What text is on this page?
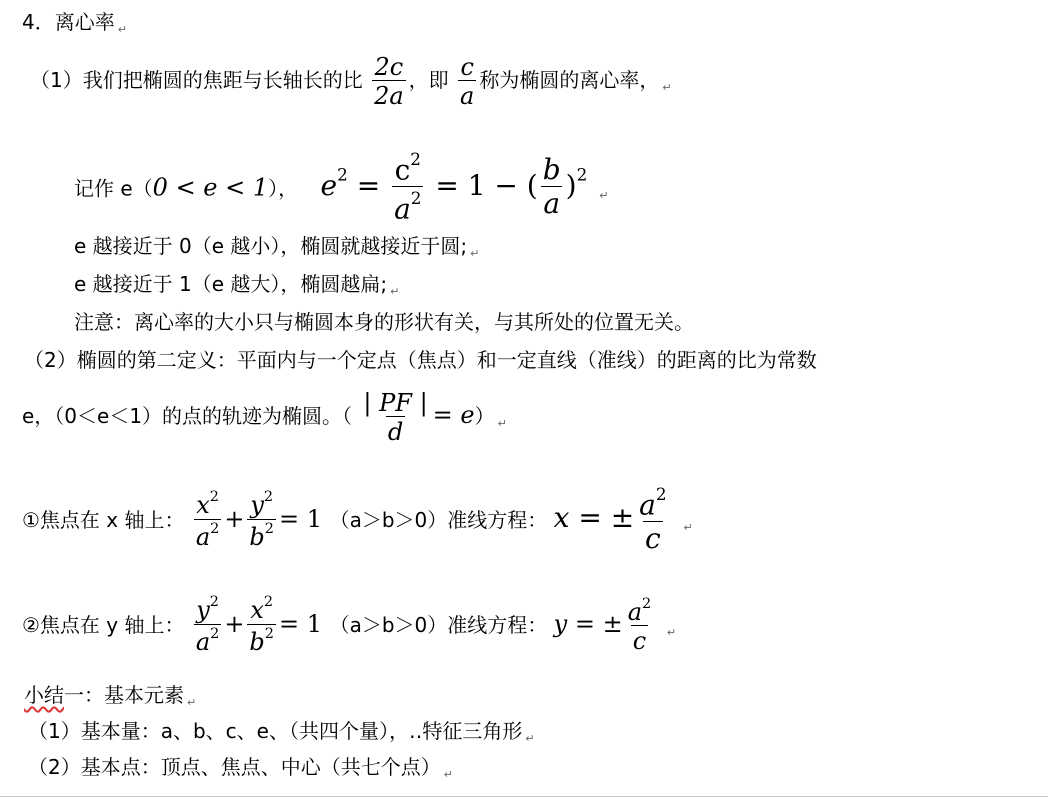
4．离心率 $_↵$
（1）我们把椭圆的焦距与长轴长的比 $\frac{2c}{2a}$ ，即 $\frac{c}{a}$ 称为椭圆的离心率， $_↵$
记作 e（0 < e < 1）， $e^2 = \frac{c^2}{a^2} = 1$ − ( $\frac{b}{a} )^2$ $_↵$
e 越接近于 0（e 越小），椭圆就越接近于圆; $_↵$
e 越接近于 1（e 越大），椭圆越扁; $_↵$
注意：离心率的大小只与椭圆本身的形状有关，与其所处的位置无关。
（2）椭圆的第二定义：平面内与一个定点（焦点）和一定直线（准线）的距离的比为常数
e，（0＜e＜1）的点的轨迹为椭圆。（ $\frac{| PF |}{d} = e$） $_↵$
①焦点在 x 轴上： $\frac{x^2}{a^2} + \frac{y^2}{b^2} = 1$ （a＞b＞0）准线方程： x = ± $\frac{a^2}{c} _↵$
②焦点在 y 轴上： $\frac{y^2}{a^2} + \frac{x^2}{b^2} = 1$ （a＞b＞0）准线方程： y = ± $\frac{a^2}{c} _↵$
小结一：基本元素 $_↵$
（1）基本量：a、b、c、e、（共四个量），‥特征三角形 $_↵$
（2）基本点：顶点、焦点、中心（共七个点） $_↵$
